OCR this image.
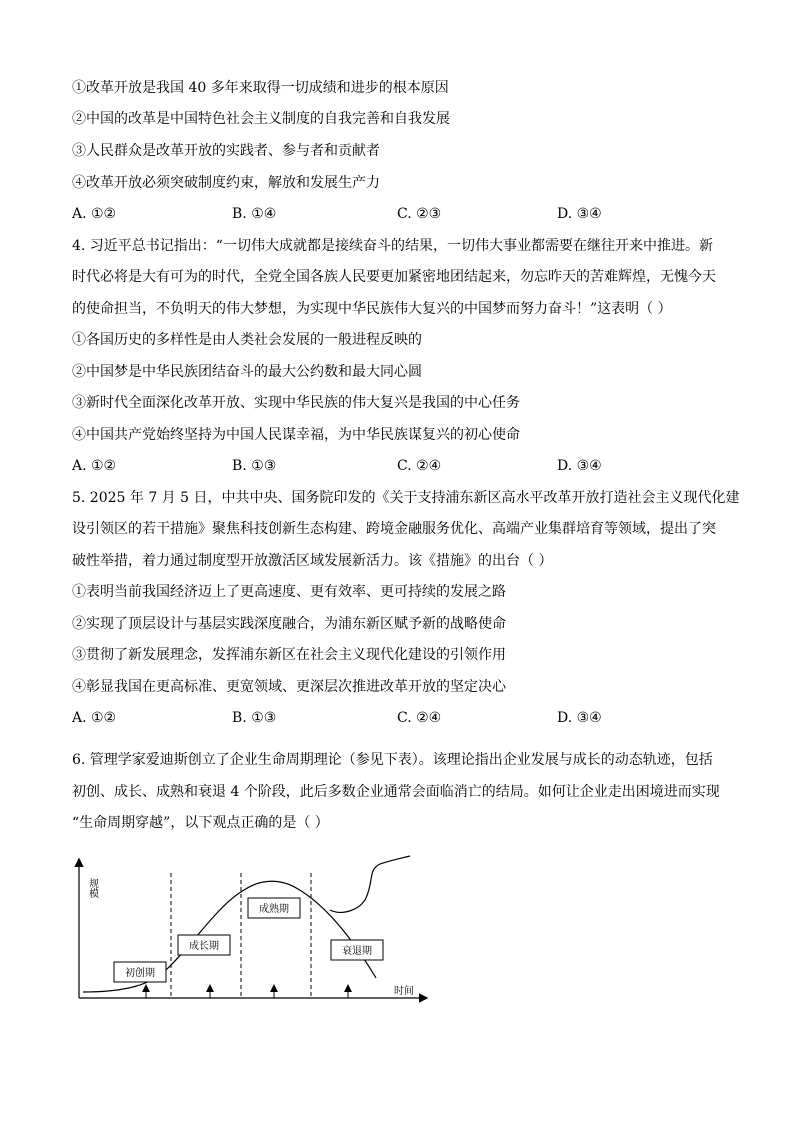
①改革开放是我国 40 多年来取得一切成绩和进步的根本原因
②中国的改革是中国特色社会主义制度的自我完善和自我发展
③人民群众是改革开放的实践者、参与者和贡献者
④改革开放必须突破制度约束，解放和发展生产力
A. ①②	B. ①④	C. ②③	D. ③④
4. 习近平总书记指出：“一切伟大成就都是接续奋斗的结果，一切伟大事业都需要在继往开来中推进。新
时代必将是大有可为的时代，全党全国各族人民要更加紧密地团结起来，勿忘昨天的苦难辉煌，无愧今天
的使命担当，不负明天的伟大梦想，为实现中华民族伟大复兴的中国梦而努力奋斗！”这表明（ ）
①各国历史的多样性是由人类社会发展的一般进程反映的
②中国梦是中华民族团结奋斗的最大公约数和最大同心圆
③新时代全面深化改革开放、实现中华民族的伟大复兴是我国的中心任务
④中国共产党始终坚持为中国人民谋幸福，为中华民族谋复兴的初心使命
A. ①②	B. ①③	C. ②④	D. ③④
5. 2025 年 7 月 5 日，中共中央、国务院印发的《关于支持浦东新区高水平改革开放打造社会主义现代化建
设引领区的若干措施》聚焦科技创新生态构建、跨境金融服务优化、高端产业集群培育等领域，提出了突
破性举措，着力通过制度型开放激活区域发展新活力。该《措施》的出台（ ）
①表明当前我国经济迈上了更高速度、更有效率、更可持续的发展之路
②实现了顶层设计与基层实践深度融合，为浦东新区赋予新的战略使命
③贯彻了新发展理念，发挥浦东新区在社会主义现代化建设的引领作用
④彰显我国在更高标准、更宽领域、更深层次推进改革开放的坚定决心
A. ①②	B. ①③	C. ②④	D. ③④
6. 管理学家爱迪斯创立了企业生命周期理论（参见下表）。该理论指出企业发展与成长的动态轨迹，包括
初创、成长、成熟和衰退 4 个阶段，此后多数企业通常会面临消亡的结局。如何让企业走出困境进而实现
“生命周期穿越”，以下观点正确的是（ ）
规模
时间
初创期
成长期
成熟期
衰退期
